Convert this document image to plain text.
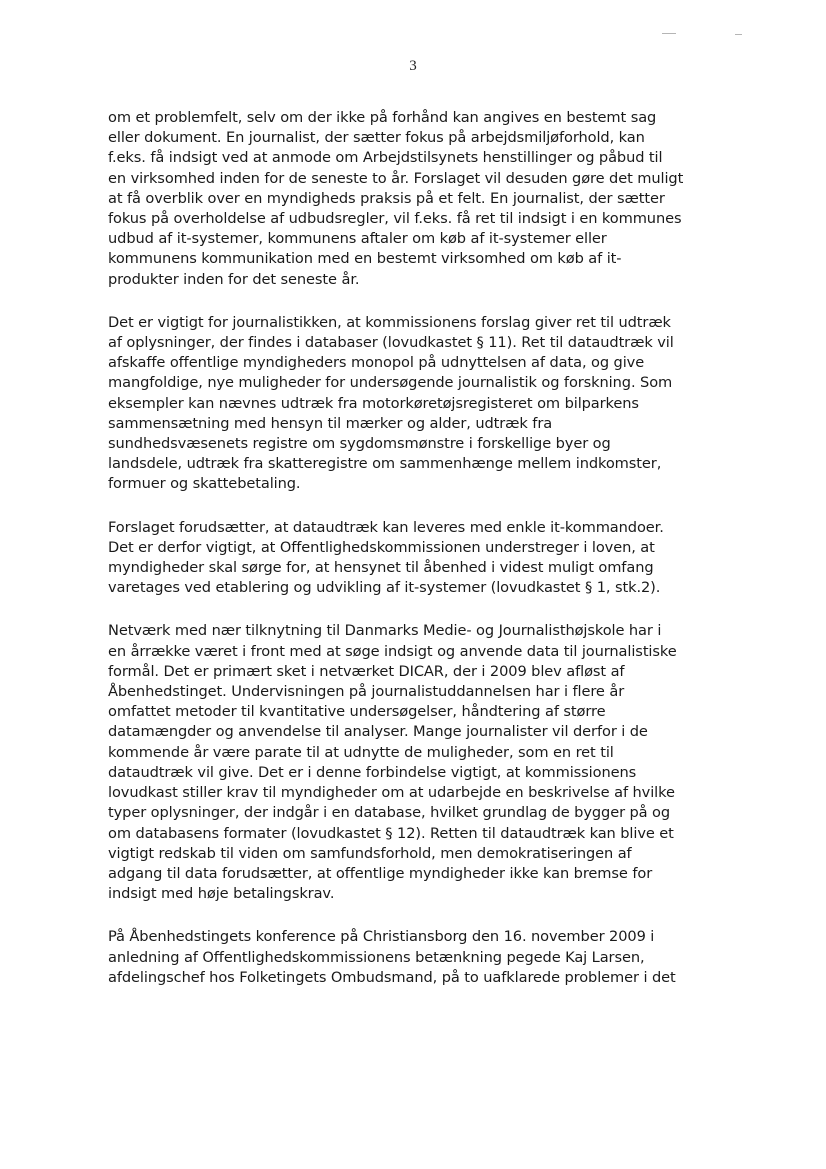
3
om et problemfelt, selv om der ikke på forhånd kan angives en bestemt sag
eller dokument. En journalist, der sætter fokus på arbejdsmiljøforhold, kan
f.eks. få indsigt ved at anmode om Arbejdstilsynets henstillinger og påbud til
en virksomhed inden for de seneste to år. Forslaget vil desuden gøre det muligt
at få overblik over en myndigheds praksis på et felt. En journalist, der sætter
fokus på overholdelse af udbudsregler, vil f.eks. få ret til indsigt i en kommunes
udbud af it-systemer, kommunens aftaler om køb af it-systemer eller
kommunens kommunikation med en bestemt virksomhed om køb af it-
produkter inden for det seneste år.
Det er vigtigt for journalistikken, at kommissionens forslag giver ret til udtræk
af oplysninger, der findes i databaser (lovudkastet § 11). Ret til dataudtræk vil
afskaffe offentlige myndigheders monopol på udnyttelsen af data, og give
mangfoldige, nye muligheder for undersøgende journalistik og forskning. Som
eksempler kan nævnes udtræk fra motorkøretøjsregisteret om bilparkens
sammensætning med hensyn til mærker og alder, udtræk fra
sundhedsvæsenets registre om sygdomsmønstre i forskellige byer og
landsdele, udtræk fra skatteregistre om sammenhænge mellem indkomster,
formuer og skattebetaling.
Forslaget forudsætter, at dataudtræk kan leveres med enkle it-kommandoer.
Det er derfor vigtigt, at Offentlighedskommissionen understreger i loven, at
myndigheder skal sørge for, at hensynet til åbenhed i videst muligt omfang
varetages ved etablering og udvikling af it-systemer (lovudkastet § 1, stk.2).
Netværk med nær tilknytning til Danmarks Medie- og Journalisthøjskole har i
en årrække været i front med at søge indsigt og anvende data til journalistiske
formål. Det er primært sket i netværket DICAR, der i 2009 blev afløst af
Åbenhedstinget. Undervisningen på journalistuddannelsen har i flere år
omfattet metoder til kvantitative undersøgelser, håndtering af større
datamængder og anvendelse til analyser. Mange journalister vil derfor i de
kommende år være parate til at udnytte de muligheder, som en ret til
dataudtræk vil give. Det er i denne forbindelse vigtigt, at kommissionens
lovudkast stiller krav til myndigheder om at udarbejde en beskrivelse af hvilke
typer oplysninger, der indgår i en database, hvilket grundlag de bygger på og
om databasens formater (lovudkastet § 12). Retten til dataudtræk kan blive et
vigtigt redskab til viden om samfundsforhold, men demokratiseringen af
adgang til data forudsætter, at offentlige myndigheder ikke kan bremse for
indsigt med høje betalingskrav.
På Åbenhedstingets konference på Christiansborg den 16. november 2009 i
anledning af Offentlighedskommissionens betænkning pegede Kaj Larsen,
afdelingschef hos Folketingets Ombudsmand, på to uafklarede problemer i det
